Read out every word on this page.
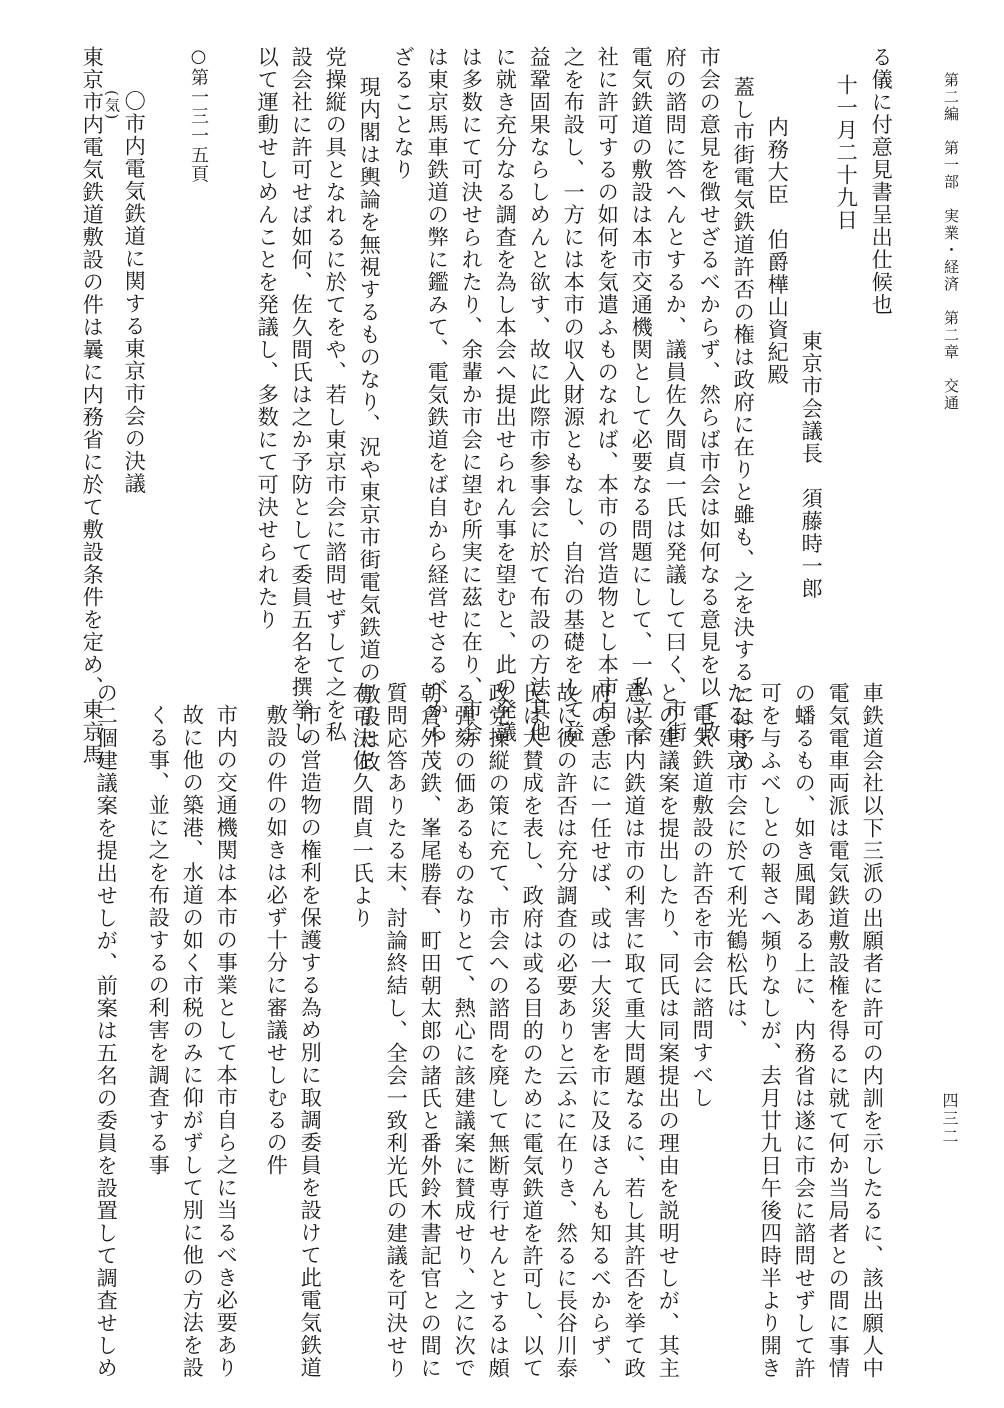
第二編　第一部　実業・経済　第二章　交通
四三二
る儀に付意見書呈出仕候也
十一月二十九日
東京市会議長　須藤時一郎
内務大臣　伯爵樺山資紀殿
蓋し市街電気鉄道許否の権は政府に在りと雖も、之を決するには予め
市会の意見を徴せざるべからず、然らば市会は如何なる意見を以て政
府の諮問に答へんとするか、議員佐久間貞一氏は発議して曰く、市街
電気鉄道の敷設は本市交通機関として必要なる問題にして、一私立会
社に許可するの如何を気遣ふものなれば、本市の営造物とし本市自ら
之を布設し、一方には本市の収入財源ともなし、自治の基礎をして益
益鞏固果ならしめんと欲す、故に此際市参事会に於て布設の方法其他
に就き充分なる調査を為し本会へ提出せられん事を望むと、此の発議
は多数にて可決せられたり、余輩か市会に望む所実に茲に在り、市会
は東京馬車鉄道の弊に鑑みて、電気鉄道をば自から経営せさるべから
ざることなり
現内閣は輿論を無視するものなり、況や東京市街電気鉄道の敷設は政
党操縦の具となれるに於てをや、若し東京市会に諮問せずして之を私
設会社に許可せば如何、佐久間氏は之か予防として委員五名を撰挙し
以て運動せしめんことを発議し、多数にて可決せられたり
○第一三一五頁
〇市内電気鉄道に関する東京市会の決議
(気)
東京市内電気鉄道敷設の件は曩に内務省に於て敷設条件を定め、東京馬
車鉄道会社以下三派の出願者に許可の内訓を示したるに、該出願人中
電気電車両派は電気鉄道敷設権を得るに就て何か当局者との間に事情
の蟠るもの、如き風聞ある上に、内務省は遂に市会に諮問せずして許
可を与ふべしとの報さへ頻りなしが、去月廿九日午後四時半より開き
たる東京市会に於て利光鶴松氏は、
電気鉄道敷設の許否を市会に諮問すべし
との建議案を提出したり、同氏は同案提出の理由を説明せしが、其主
意は市内鉄道は市の利害に取て重大問題なるに、若し其許否を挙て政
府の意志に一任せば、或は一大災害を市に及ほさんも知るべからず、
故に彼の許否は充分調査の必要ありと云ふに在りき、然るに長谷川泰
氏は大賛成を表し、政府は或る目的のために電気鉄道を許可し、以て
政党操縦の策に充て、市会への諮問を廃して無断専行せんとするは頗
る弾劾の価あるものなりとて、熱心に該建議案に賛成せり、之に次で
朝倉外茂鉄、峯尾勝春、町田朝太郎の諸氏と番外鈴木書記官との間に
質問応答ありたる末、討論終結し、全会一致利光氏の建議を可決せり
右可決佐久間貞一氏より
市の営造物の権利を保護する為め別に取調委員を設けて此電気鉄道
敷設の件の如きは必ず十分に審議せしむるの件
市内の交通機関は本市の事業として本市自ら之に当るべき必要あり
故に他の築港、水道の如く市税のみに仰がずして別に他の方法を設
くる事、並に之を布設するの利害を調査する事
の二個建議案を提出せしが、前案は五名の委員を設置して調査せしめ
